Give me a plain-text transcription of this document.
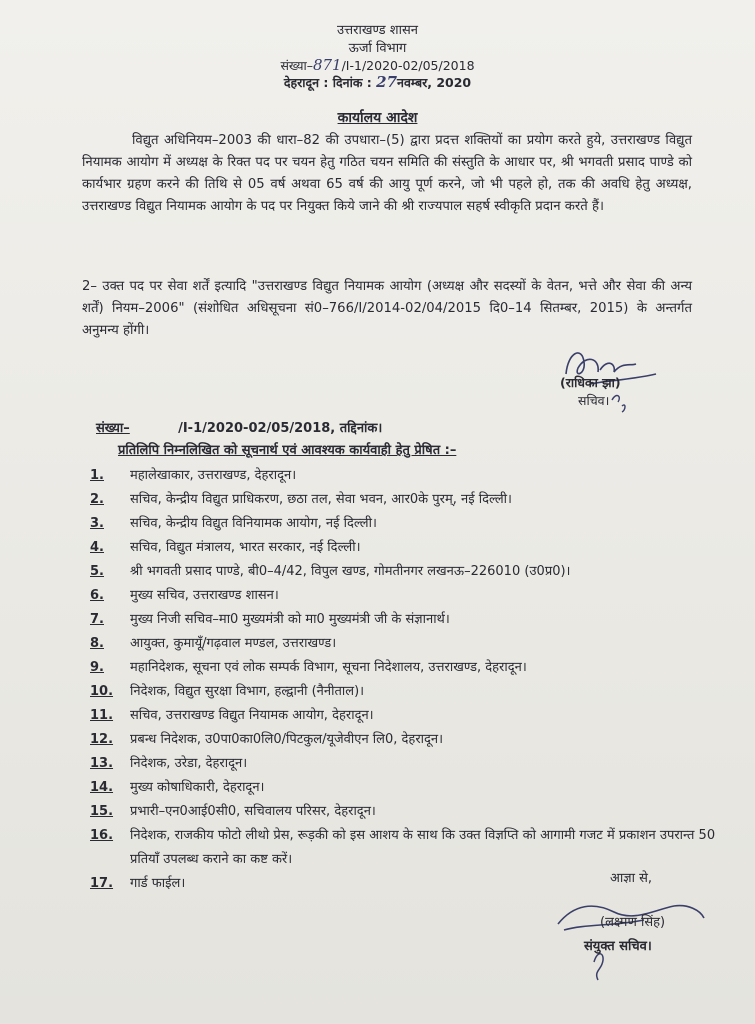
उत्तराखण्ड शासन
ऊर्जा विभाग
संख्या–871/I-1/2020-02/05/2018
देहरादून : दिनांक : 27नवम्बर, 2020
कार्यालय आदेश
विद्युत अधिनियम–2003 की धारा–82 की उपधारा–(5) द्वारा प्रदत्त शक्तियों का प्रयोग करते हुये, उत्तराखण्ड विद्युत नियामक आयोग में अध्यक्ष के रिक्त पद पर चयन हेतु गठित चयन समिति की संस्तुति के आधार पर, श्री भगवती प्रसाद पाण्डे को कार्यभार ग्रहण करने की तिथि से 05 वर्ष अथवा 65 वर्ष की आयु पूर्ण करने, जो भी पहले हो, तक की अवधि हेतु अध्यक्ष, उत्तराखण्ड विद्युत नियामक आयोग के पद पर नियुक्त किये जाने की श्री राज्यपाल सहर्ष स्वीकृति प्रदान करते हैं।
2– उक्त पद पर सेवा शर्तें इत्यादि "उत्तराखण्ड विद्युत नियामक आयोग (अध्यक्ष और सदस्यों के वेतन, भत्ते और सेवा की अन्य शर्तें) नियम–2006" (संशोधित अधिसूचना सं0–766/I/2014-02/04/2015 दि0–14 सितम्बर, 2015) के अन्तर्गत अनुमन्य होंगी।
(राधिका झा)
सचिव।
संख्या–	/I-1/2020-02/05/2018, तद्दिनांक।
प्रतिलिपि निम्नलिखित को सूचनार्थ एवं आवश्यक कार्यवाही हेतु प्रेषित :–
1.	महालेखाकार, उत्तराखण्ड, देहरादून।
2.	सचिव, केन्द्रीय विद्युत प्राधिकरण, छठा तल, सेवा भवन, आर0के पुरम्, नई दिल्ली।
3.	सचिव, केन्द्रीय विद्युत विनियामक आयोग, नई दिल्ली।
4.	सचिव, विद्युत मंत्रालय, भारत सरकार, नई दिल्ली।
5.	श्री भगवती प्रसाद पाण्डे, बी0–4/42, विपुल खण्ड, गोमतीनगर लखनऊ–226010 (उ0प्र0)।
6.	मुख्य सचिव, उत्तराखण्ड शासन।
7.	मुख्य निजी सचिव–मा0 मुख्यमंत्री को मा0 मुख्यमंत्री जी के संज्ञानार्थ।
8.	आयुक्त, कुमायूँ/गढ़वाल मण्डल, उत्तराखण्ड।
9.	महानिदेशक, सूचना एवं लोक सम्पर्क विभाग, सूचना निदेशालय, उत्तराखण्ड, देहरादून।
10.	निदेशक, विद्युत सुरक्षा विभाग, हल्द्वानी (नैनीताल)।
11.	सचिव, उत्तराखण्ड विद्युत नियामक आयोग, देहरादून।
12.	प्रबन्ध निदेशक, उ0पा0का0लि0/पिटकुल/यूजेवीएन लि0, देहरादून।
13.	निदेशक, उरेडा, देहरादून।
14.	मुख्य कोषाधिकारी, देहरादून।
15.	प्रभारी–एन0आई0सी0, सचिवालय परिसर, देहरादून।
16.	निदेशक, राजकीय फोटो लीथो प्रेस, रूड़की को इस आशय के साथ कि उक्त विज्ञप्ति को आगामी गजट में प्रकाशन उपरान्त 50 प्रतियाँ उपलब्ध कराने का कष्ट करें।
17.	गार्ड फाईल।	आज्ञा से,
(लक्ष्मण सिंह)
संयुक्त सचिव।
